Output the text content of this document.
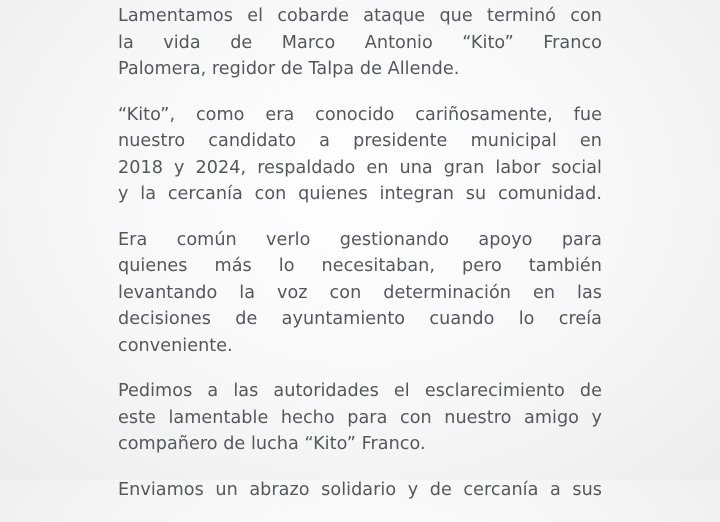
Lamentamos el cobarde ataque que terminó con
la vida de Marco Antonio “Kito” Franco
Palomera, regidor de Talpa de Allende.

“Kito”, como era conocido cariñosamente, fue
nuestro candidato a presidente municipal en
2018 y 2024, respaldado en una gran labor social
y la cercanía con quienes integran su comunidad.

Era común verlo gestionando apoyo para
quienes más lo necesitaban, pero también
levantando la voz con determinación en las
decisiones de ayuntamiento cuando lo creía
conveniente.

Pedimos a las autoridades el esclarecimiento de
este lamentable hecho para con nuestro amigo y
compañero de lucha “Kito” Franco.

Enviamos un abrazo solidario y de cercanía a sus
